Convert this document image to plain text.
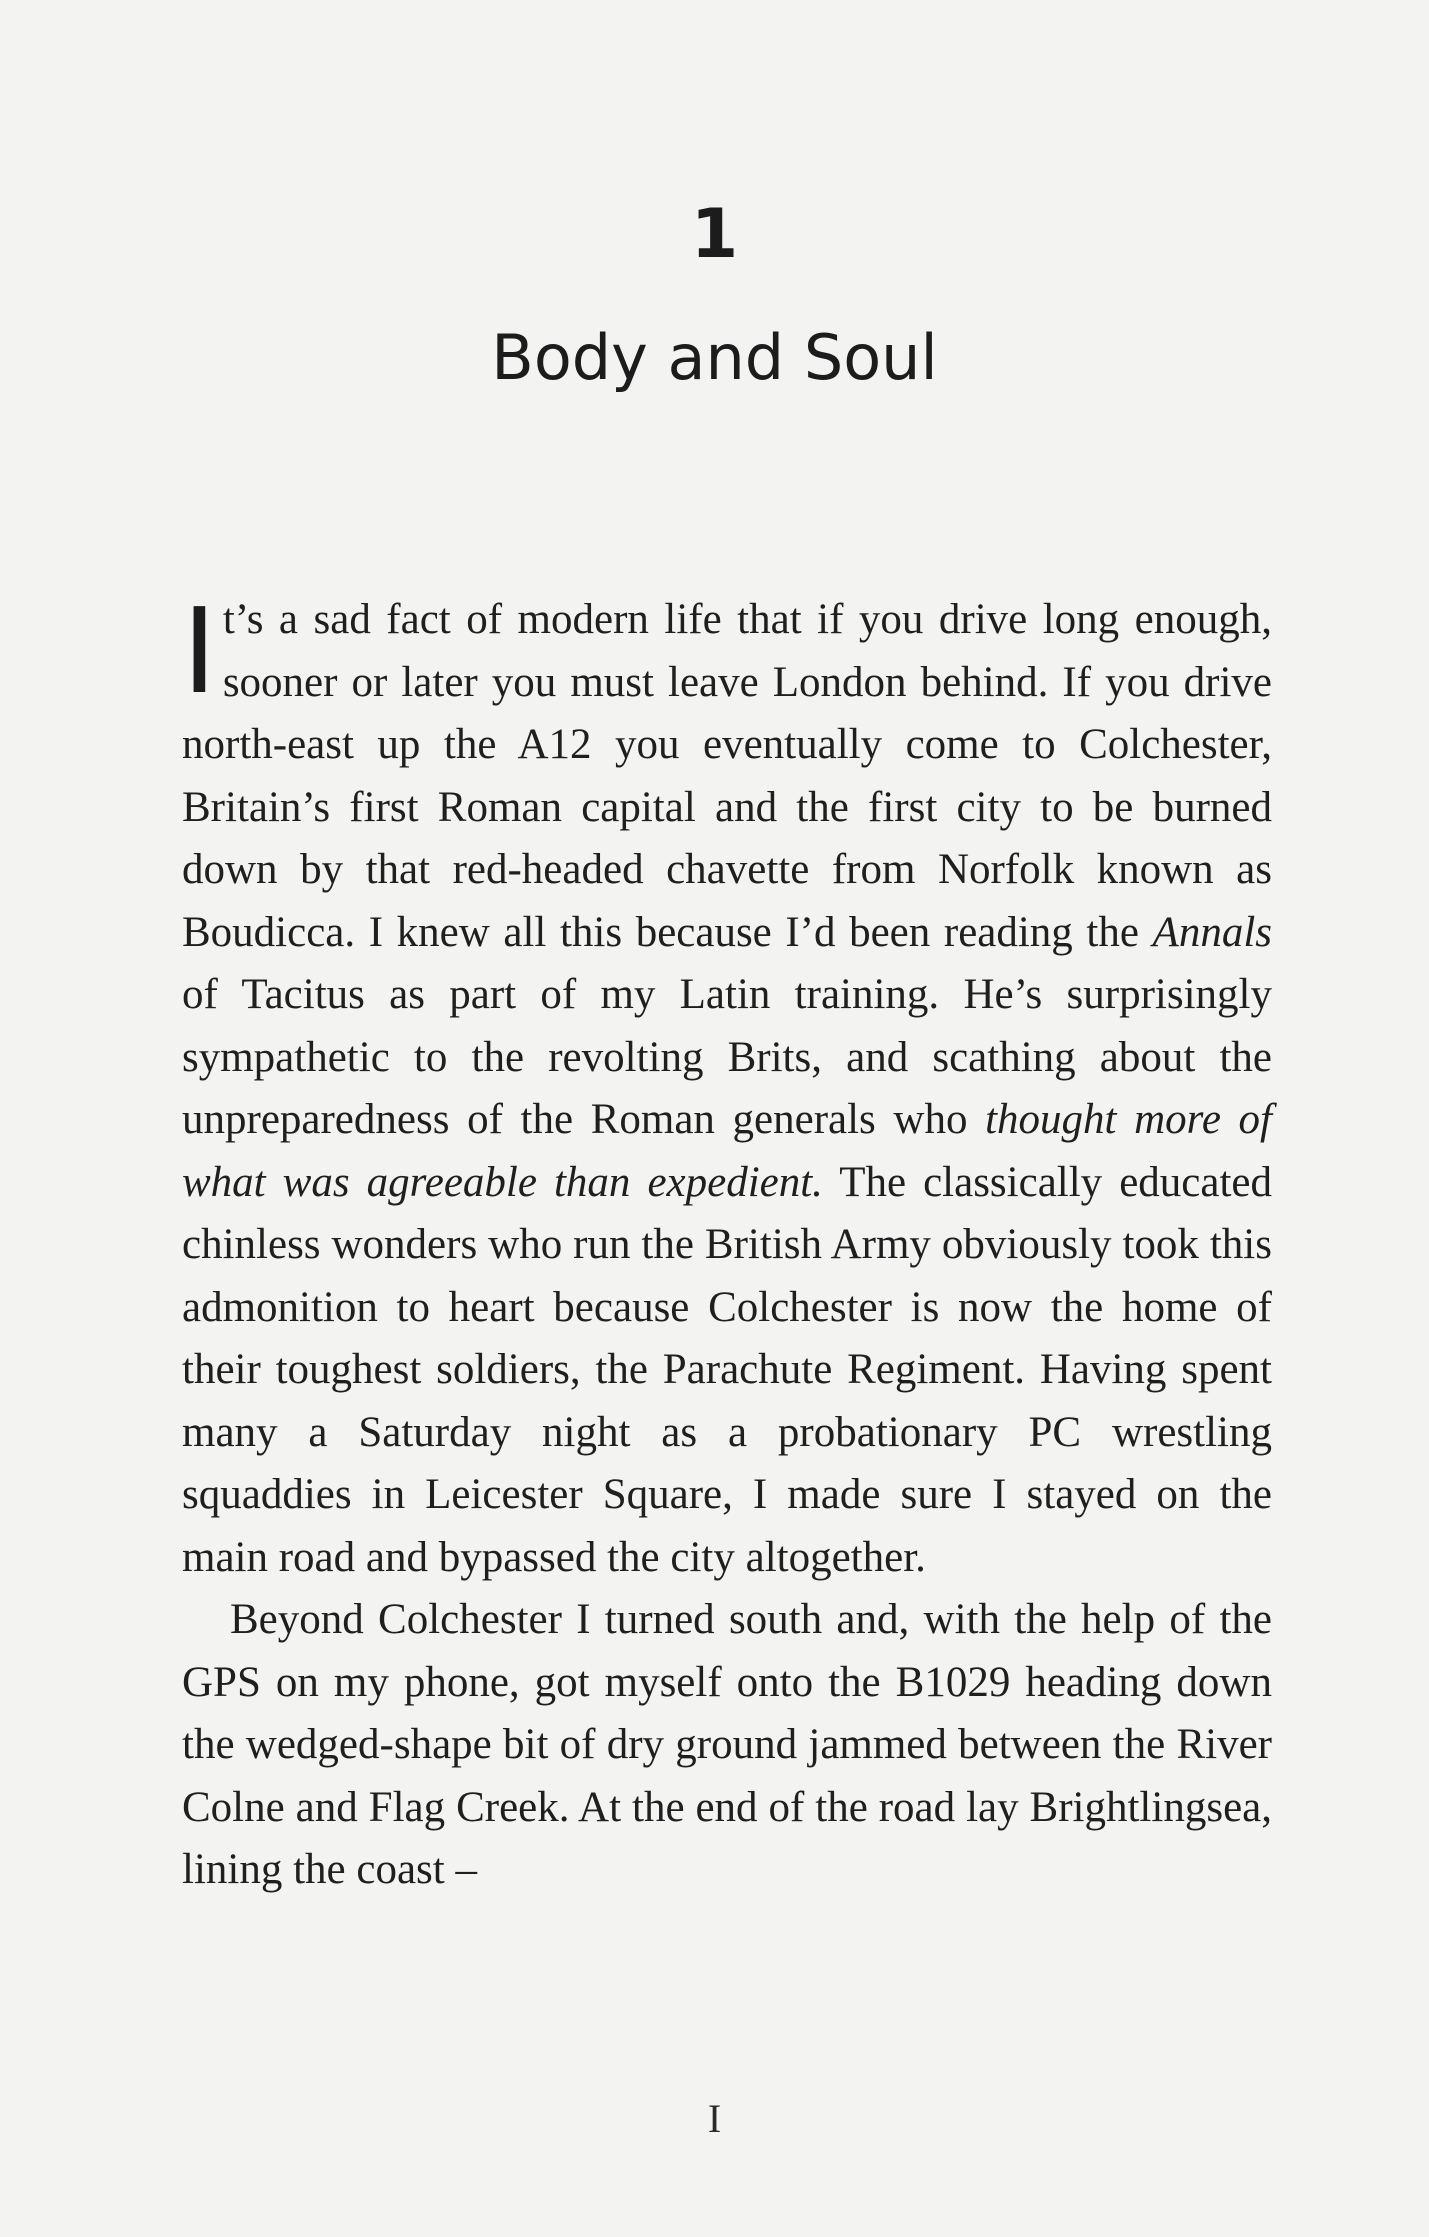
1
Body and Soul

It’s a sad fact of modern life that if you drive long enough, sooner or later you must leave London behind. If you drive north-east up the A12 you eventually come to Colchester, Britain’s first Roman capital and the first city to be burned down by that red-headed chavette from Norfolk known as Boudicca. I knew all this because I’d been reading the Annals of Tacitus as part of my Latin training. He’s surprisingly sympathetic to the revolting Brits, and scathing about the unpreparedness of the Roman generals who thought more of what was agreeable than expedient. The classically educated chinless wonders who run the British Army obviously took this admonition to heart because Colchester is now the home of their toughest soldiers, the Parachute Regiment. Having spent many a Saturday night as a probationary PC wrestling squaddies in Leicester Square, I made sure I stayed on the main road and bypassed the city altogether.

Beyond Colchester I turned south and, with the help of the GPS on my phone, got myself onto the B1029 heading down the wedged-shape bit of dry ground jammed between the River Colne and Flag Creek. At the end of the road lay Brightlingsea, lining the coast –

I
